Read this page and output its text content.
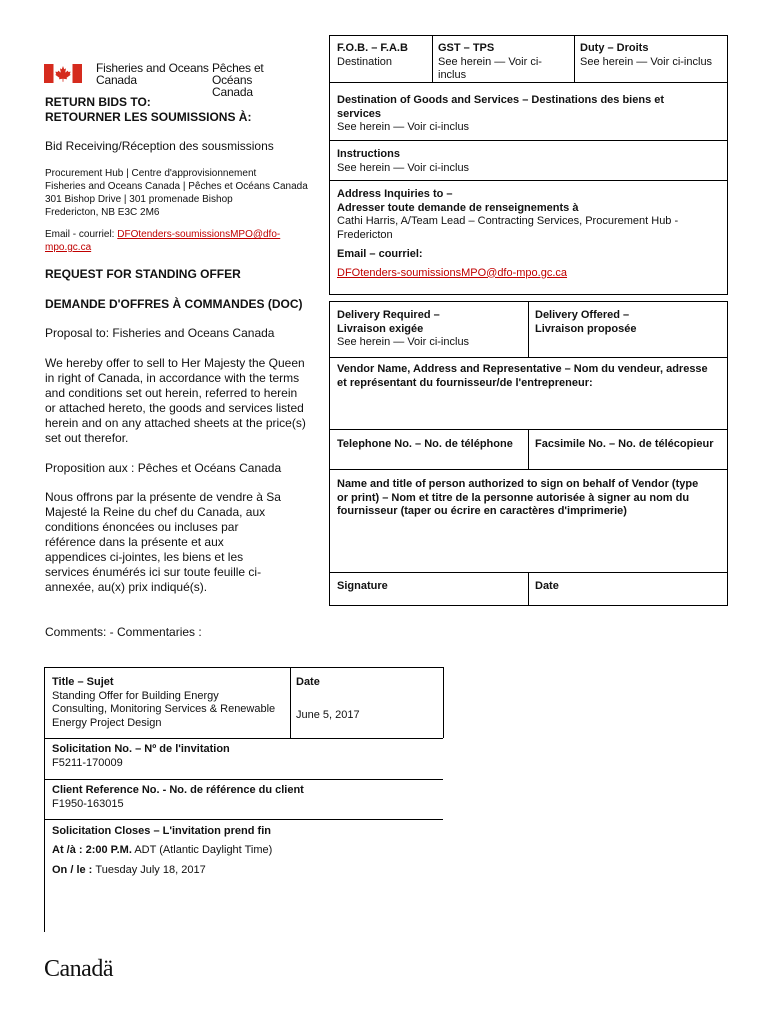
Fisheries and Oceans
Canada
Pêches et Océans
Canada
RETURN BIDS TO:
RETOURNER LES SOUMISSIONS À:
Bid Receiving/Réception des sousmissions
Procurement Hub | Centre d'approvisionnement
Fisheries and Oceans Canada | Pêches et Océans Canada
301 Bishop Drive | 301 promenade Bishop
Fredericton, NB E3C 2M6
Email - courriel: DFOtenders-soumissionsMPO@dfo-
mpo.gc.ca
REQUEST FOR STANDING OFFER
DEMANDE D'OFFRES À COMMANDES (DOC)
Proposal to: Fisheries and Oceans Canada
We hereby offer to sell to Her Majesty the Queen
in right of Canada, in accordance with the terms
and conditions set out herein, referred to herein
or attached hereto, the goods and services listed
herein and on any attached sheets at the price(s)
set out therefor.
Proposition aux : Pêches et Océans Canada
Nous offrons par la présente de vendre à Sa
Majesté la Reine du chef du Canada, aux
conditions énoncées ou incluses par
référence dans la présente et aux
appendices ci-jointes, les biens et les
services énumérés ici sur toute feuille ci-
annexée, au(x) prix indiqué(s).
Comments: - Commentaries :
F.O.B. – F.A.B
Destination
GST – TPS
See herein — Voir ci-
inclus
Duty – Droits
See herein — Voir ci-inclus
Destination of Goods and Services – Destinations des biens et
services
See herein — Voir ci-inclus
Instructions
See herein — Voir ci-inclus
Address Inquiries to –
Adresser toute demande de renseignements à
Cathi Harris, A/Team Lead – Contracting Services, Procurement Hub -
Fredericton
Email – courriel:
DFOtenders-soumissionsMPO@dfo-mpo.gc.ca
Delivery Required –
Livraison exigée
See herein — Voir ci-inclus
Delivery Offered –
Livraison proposée
Vendor Name, Address and Representative – Nom du vendeur, adresse
et représentant du fournisseur/de l'entrepreneur:
Telephone No. – No. de téléphone Facsimile No. – No. de télécopieur
Name and title of person authorized to sign on behalf of Vendor (type
or print) – Nom et titre de la personne autorisée à signer au nom du
fournisseur (taper ou écrire en caractères d'imprimerie)
Signature	Date
Title – Sujet
Standing Offer for Building Energy
Consulting, Monitoring Services & Renewable
Energy Project Design
Date
June 5, 2017
Solicitation No. – Nº de l'invitation
F5211-170009
Client Reference No. - No. de référence du client
F1950-163015
Solicitation Closes – L'invitation prend fin
At /à : 2:00 P.M. ADT (Atlantic Daylight Time)
On / le : Tuesday July 18, 2017
Canadä
